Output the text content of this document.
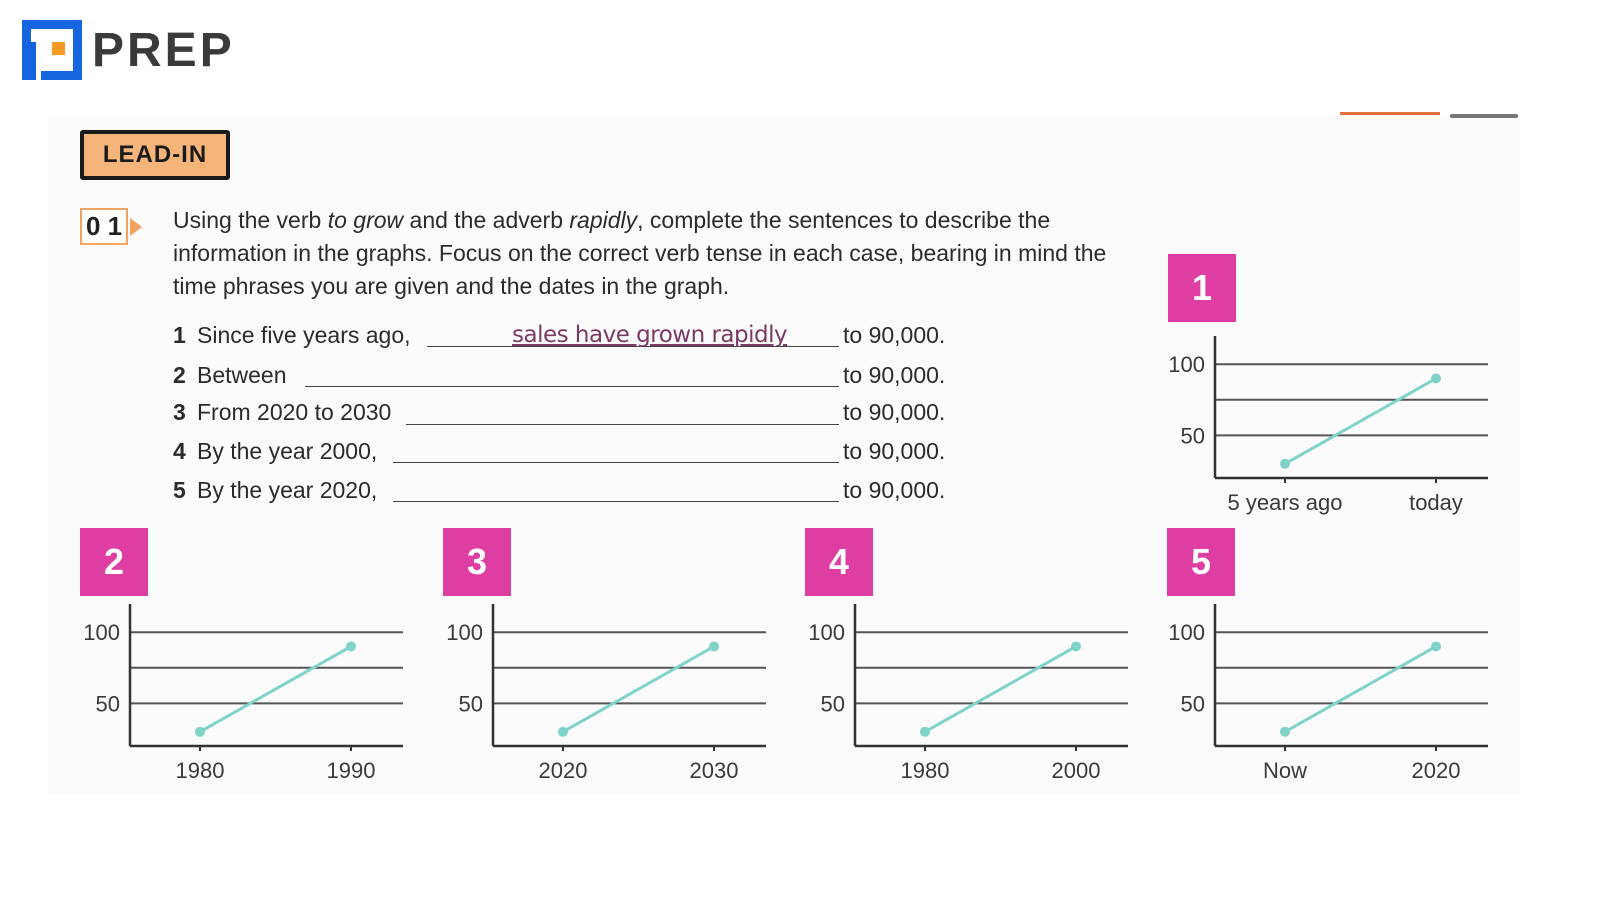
PREP
LEAD-IN
0 1 Using the verb to grow and the adverb rapidly, complete the sentences to describe the information in the graphs. Focus on the correct verb tense in each case, bearing in mind the time phrases you are given and the dates in the graph.
1 Since five years ago,	sales have grown rapidly to 90,000.
2 Between	to 90,000.
3 From 2020 to 2030	to 90,000.
4 By the year 2000,	to 90,000.
5 By the year 2020,	to 90,000.
1
2	3	4	5
100
50
5 years ago	today
100
50
1980	1990
100
50
2020	2030
100
50
1980	2000
100
50
Now	2020
